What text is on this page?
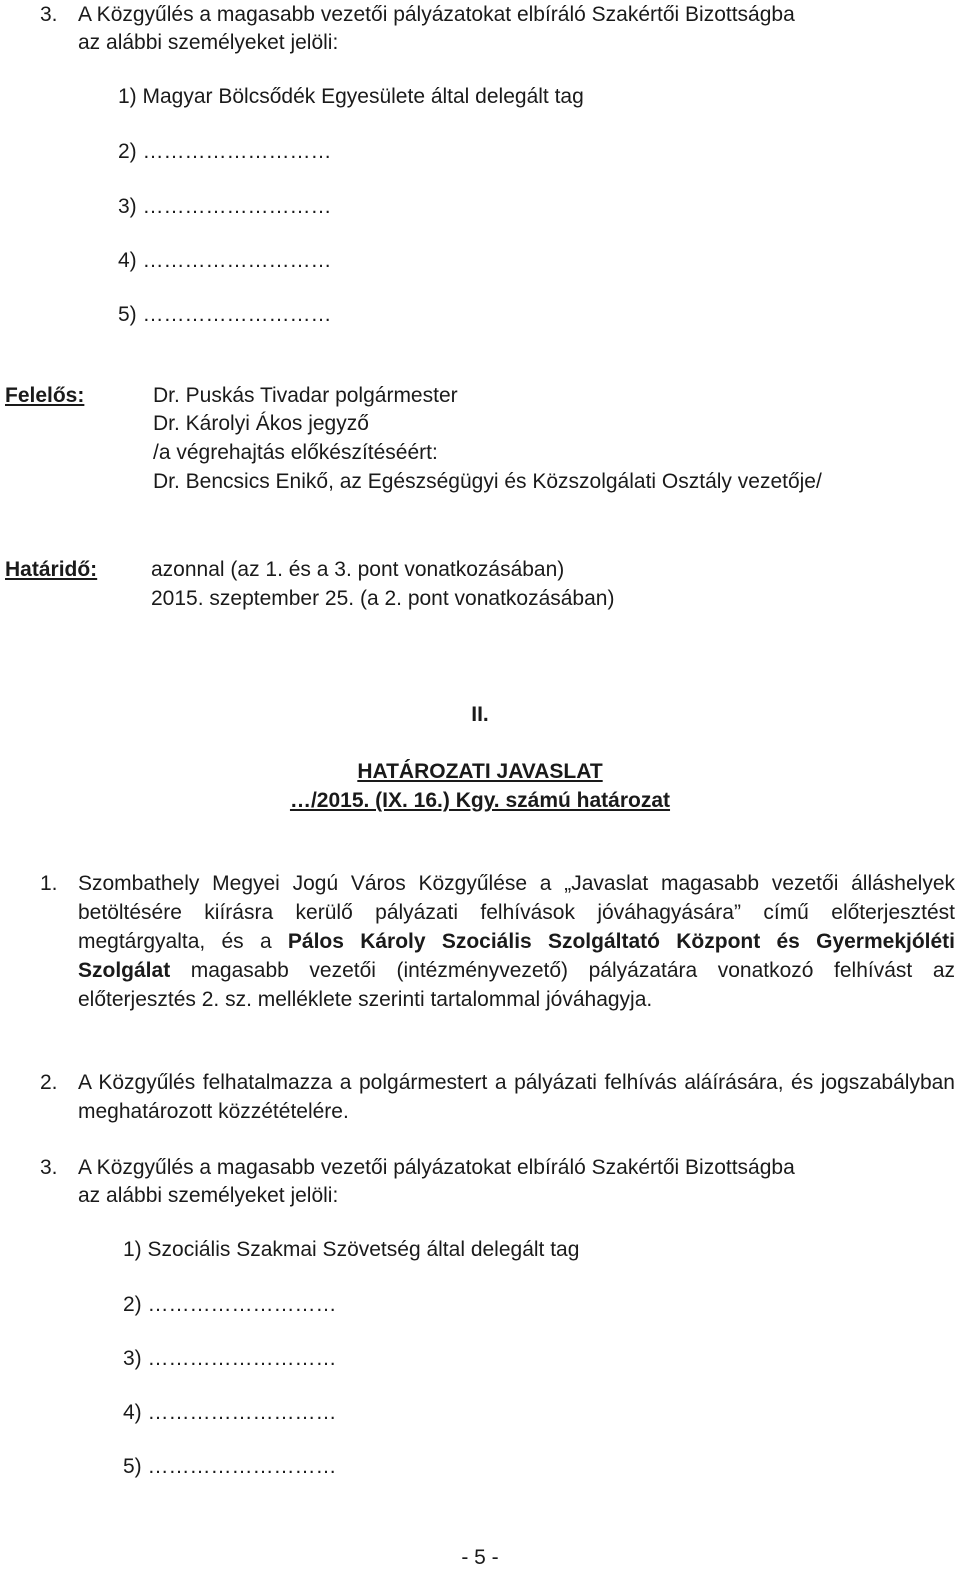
3. A Közgyűlés a magasabb vezetői pályázatokat elbíráló Szakértői Bizottságba
az alábbi személyeket jelöli:
1) Magyar Bölcsődék Egyesülete által delegált tag
2) ………………………
3) ………………………
4) ………………………
5) ………………………
Felelős:	Dr. Puskás Tivadar polgármester
Dr. Károlyi Ákos jegyző
/a végrehajtás előkészítéséért:
Dr. Bencsics Enikő, az Egészségügyi és Közszolgálati Osztály vezetője/
Határidő:	azonnal (az 1. és a 3. pont vonatkozásában)
2015. szeptember 25. (a 2. pont vonatkozásában)
II.
HATÁROZATI JAVASLAT
…/2015. (IX. 16.) Kgy. számú határozat
1. Szombathely Megyei Jogú Város Közgyűlése a „Javaslat magasabb vezetői álláshelyek betöltésére kiírásra kerülő pályázati felhívások jóváhagyására” című előterjesztést megtárgyalta, és a Pálos Károly Szociális Szolgáltató Központ és Gyermekjóléti Szolgálat magasabb vezetői (intézményvezető) pályázatára vonatkozó felhívást az előterjesztés 2. sz. melléklete szerinti tartalommal jóváhagyja.
2. A Közgyűlés felhatalmazza a polgármestert a pályázati felhívás aláírására, és jogszabályban meghatározott közzétételére.
3. A Közgyűlés a magasabb vezetői pályázatokat elbíráló Szakértői Bizottságba
az alábbi személyeket jelöli:
1) Szociális Szakmai Szövetség által delegált tag
2) ………………………
3) ………………………
4) ………………………
5) ………………………
- 5 -
